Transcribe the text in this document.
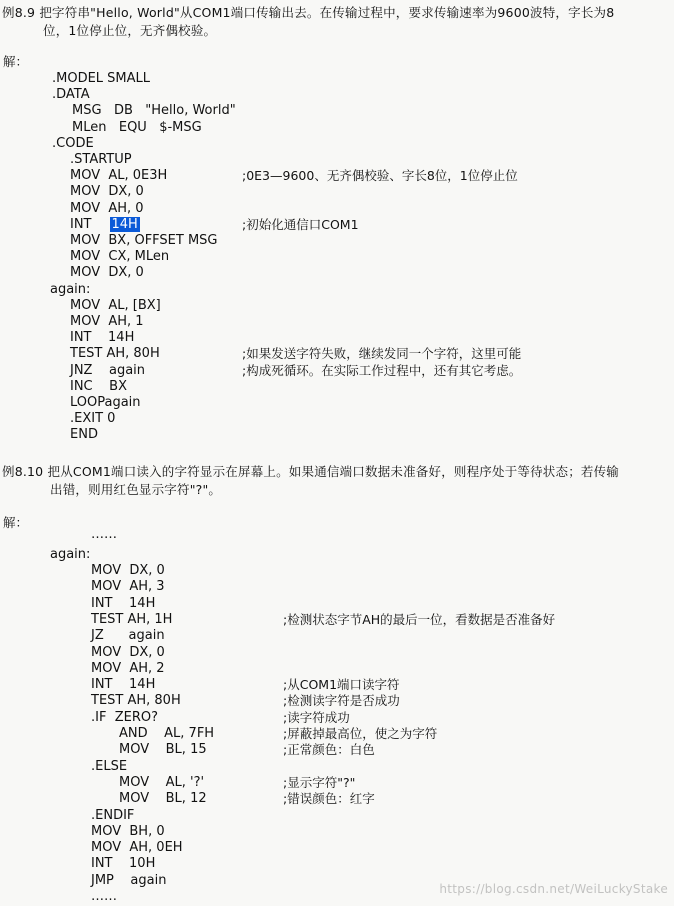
例8.9 把字符串"Hello, World"从COM1端口传输出去。在传输过程中，要求传输速率为9600波特，字长为8
位，1位停止位，无齐偶校验。
解：
.MODEL SMALL
.DATA
MSG   DB   "Hello, World"
MLen   EQU   $-MSG
.CODE
.STARTUP
MOV  AL, 0E3H	;0E3—9600、无齐偶校验、字长8位，1位停止位
MOV  DX, 0
MOV  AH, 0
INT 14H	;初始化通信口COM1
MOV  BX, OFFSET MSG
MOV  CX, MLen
MOV  DX, 0
again:
MOV  AL, [BX]
MOV  AH, 1
INT    14H
TEST AH, 80H	;如果发送字符失败，继续发同一个字符，这里可能
JNZ    again	;构成死循环。在实际工作过程中，还有其它考虑。
INC    BX
LOOPagain
.EXIT 0
END
例8.10 把从COM1端口读入的字符显示在屏幕上。如果通信端口数据未准备好，则程序处于等待状态；若传输
出错，则用红色显示字符"?"。
解：
……
again:
MOV  DX, 0
MOV  AH, 3
INT    14H
TEST AH, 1H	;检测状态字节AH的最后一位，看数据是否准备好
JZ      again
MOV  DX, 0
MOV  AH, 2
INT    14H	;从COM1端口读字符
TEST AH, 80H	;检测读字符是否成功
.IF  ZERO?	;读字符成功
AND    AL, 7FH	;屏蔽掉最高位，使之为字符
MOV    BL, 15	;正常颜色：白色
.ELSE
MOV    AL, '?'	;显示字符"?"
MOV    BL, 12	;错误颜色：红字
.ENDIF
MOV  BH, 0
MOV  AH, 0EH
INT    10H
JMP    again
……	https://blog.csdn.net/WeiLuckyStake
